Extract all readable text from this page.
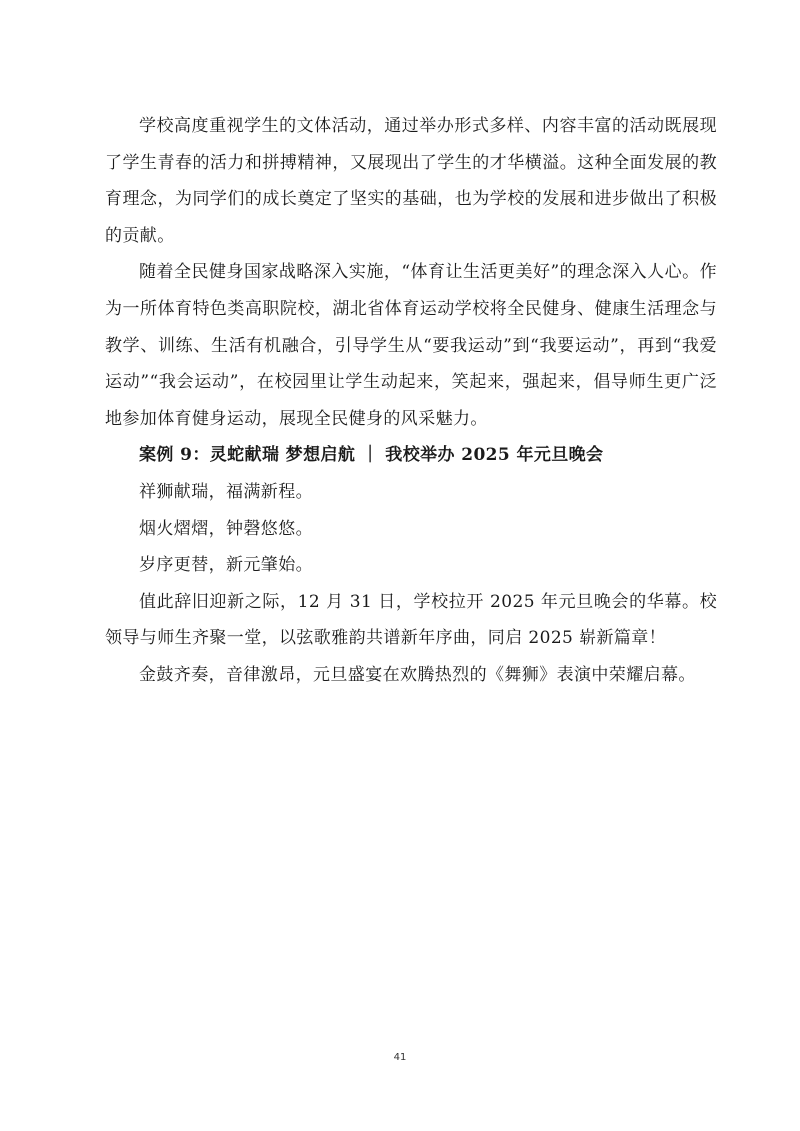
学校高度重视学生的文体活动，通过举办形式多样、内容丰富的活动既展现了学生青春的活力和拼搏精神，又展现出了学生的才华横溢。这种全面发展的教育理念，为同学们的成长奠定了坚实的基础，也为学校的发展和进步做出了积极的贡献。

随着全民健身国家战略深入实施，“体育让生活更美好”的理念深入人心。作为一所体育特色类高职院校，湖北省体育运动学校将全民健身、健康生活理念与教学、训练、生活有机融合，引导学生从“要我运动”到“我要运动”，再到“我爱运动”“我会运动”，在校园里让学生动起来，笑起来，强起来，倡导师生更广泛地参加体育健身运动，展现全民健身的风采魅力。

案例 9：灵蛇献瑞 梦想启航 ｜ 我校举办 2025 年元旦晚会

祥狮献瑞，福满新程。

烟火熠熠，钟磬悠悠。

岁序更替，新元肇始。

值此辞旧迎新之际，12 月 31 日，学校拉开 2025 年元旦晚会的华幕。校领导与师生齐聚一堂，以弦歌雅韵共谱新年序曲，同启 2025 崭新篇章！

金鼓齐奏，音律激昂，元旦盛宴在欢腾热烈的《舞狮》表演中荣耀启幕。

41
